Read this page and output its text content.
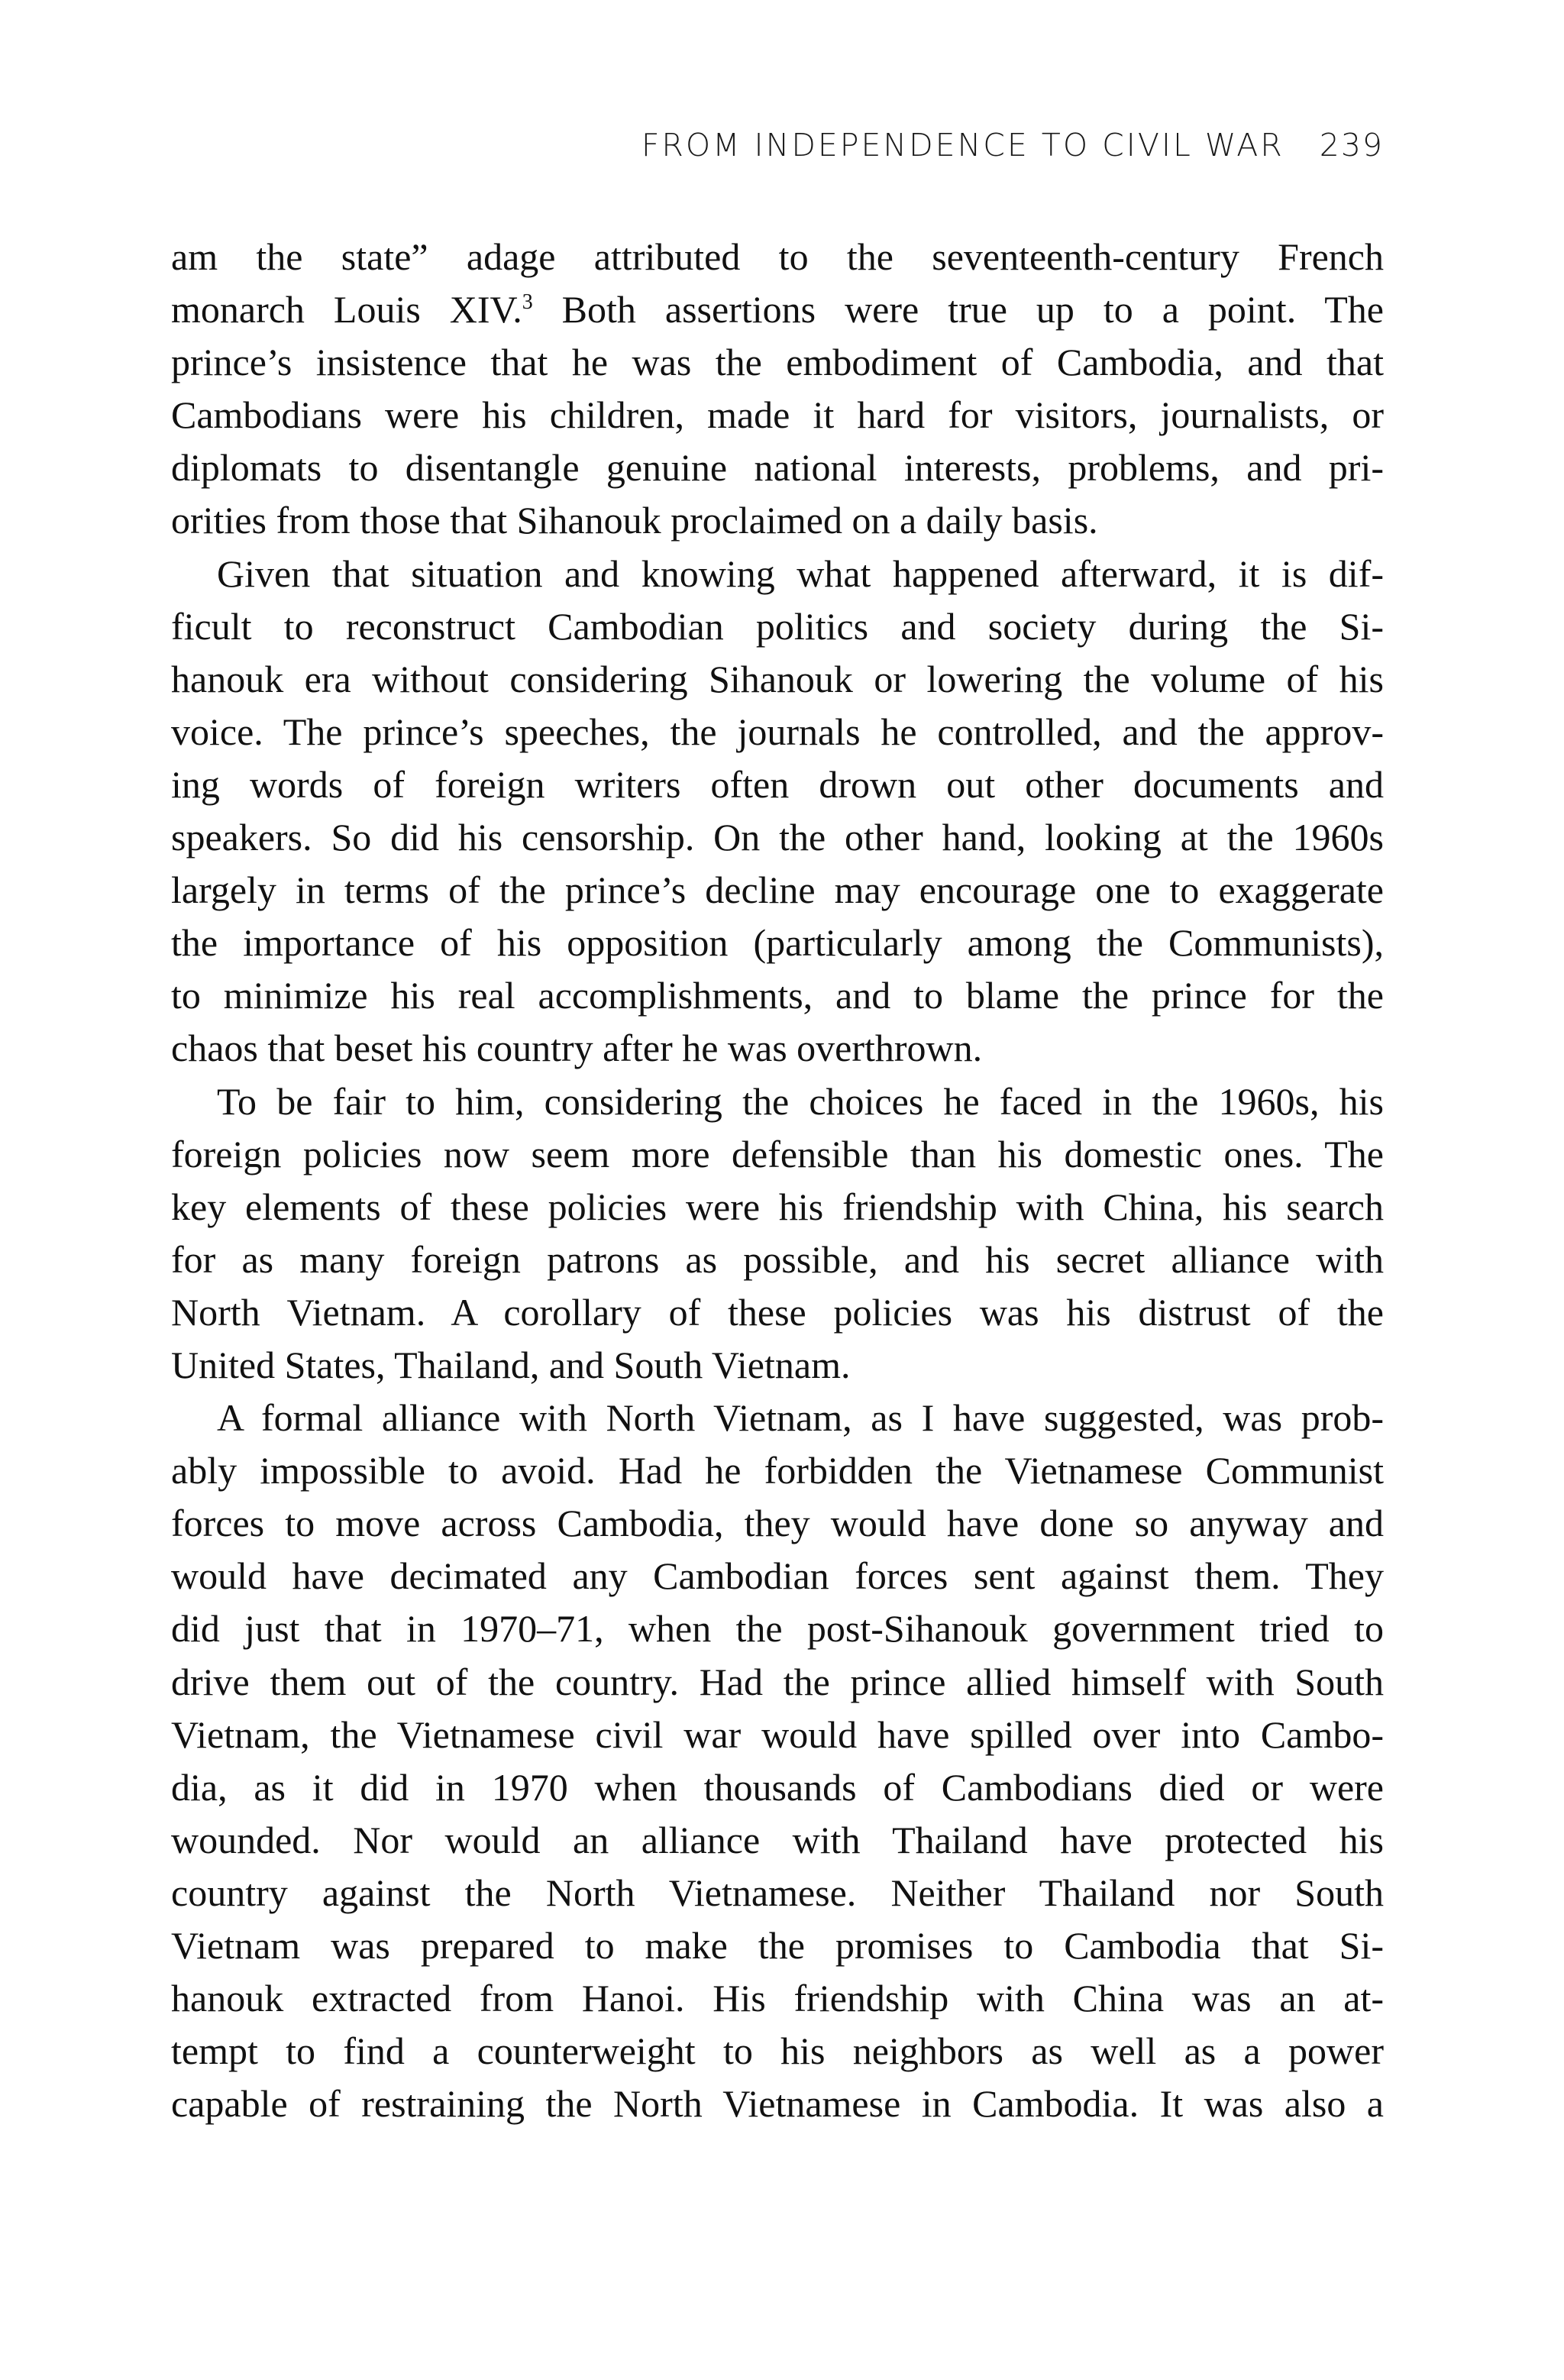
FROM INDEPENDENCE TO CIVIL WAR 239
am the state” adage attributed to the seventeenth-century French
monarch Louis XIV.$^3$ Both assertions were true up to a point. The
prince’s insistence that he was the embodiment of Cambodia, and that
Cambodians were his children, made it hard for visitors, journalists, or
diplomats to disentangle genuine national interests, problems, and pri-
orities from those that Sihanouk proclaimed on a daily basis.
Given that situation and knowing what happened afterward, it is dif-
ficult to reconstruct Cambodian politics and society during the Si-
hanouk era without considering Sihanouk or lowering the volume of his
voice. The prince’s speeches, the journals he controlled, and the approv-
ing words of foreign writers often drown out other documents and
speakers. So did his censorship. On the other hand, looking at the 1960s
largely in terms of the prince’s decline may encourage one to exaggerate
the importance of his opposition (particularly among the Communists),
to minimize his real accomplishments, and to blame the prince for the
chaos that beset his country after he was overthrown.
To be fair to him, considering the choices he faced in the 1960s, his
foreign policies now seem more defensible than his domestic ones. The
key elements of these policies were his friendship with China, his search
for as many foreign patrons as possible, and his secret alliance with
North Vietnam. A corollary of these policies was his distrust of the
United States, Thailand, and South Vietnam.
A formal alliance with North Vietnam, as I have suggested, was prob-
ably impossible to avoid. Had he forbidden the Vietnamese Communist
forces to move across Cambodia, they would have done so anyway and
would have decimated any Cambodian forces sent against them. They
did just that in 1970–71, when the post-Sihanouk government tried to
drive them out of the country. Had the prince allied himself with South
Vietnam, the Vietnamese civil war would have spilled over into Cambo-
dia, as it did in 1970 when thousands of Cambodians died or were
wounded. Nor would an alliance with Thailand have protected his
country against the North Vietnamese. Neither Thailand nor South
Vietnam was prepared to make the promises to Cambodia that Si-
hanouk extracted from Hanoi. His friendship with China was an at-
tempt to find a counterweight to his neighbors as well as a power
capable of restraining the North Vietnamese in Cambodia. It was also a
